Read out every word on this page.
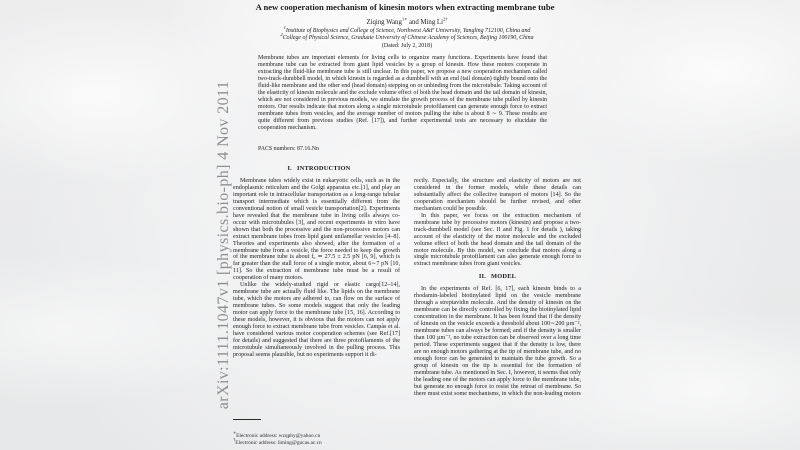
arXiv:1111.1047v1 [physics.bio-ph] 4 Nov 2011
A new cooperation mechanism of kinesin motors when extracting membrane tube
Ziqing Wang$^{1∗}$ and Ming $Li^{2\dagger}$
$^1$Institute of Biophysics and College of Science, Northwest A&F University, Yangling 712100, China and
$^2$College of Physical Science, Graduate University of Chinese Academy of Sciences, Beijing 100190, China
(Dated: July 2, 2018)
Membrane tubes are important elements for living cells to organize many functions. Experiments have found that membrane tube can be extracted from giant lipid vesicles by a group of kinesin. How these motors cooperate in extracting the fluid-like membrane tube is still unclear. In this paper, we propose a new cooperation mechanism called two-track-dumbbell model, in which kinesin is regarded as a dumbbell with an end (tail domain) tightly bound onto the fluid-like membrane and the other end (head domain) stepping on or unbinding from the microtubule. Taking account of the elasticity of kinesin molecule and the exclude volume effect of both the head domain and the tail domain of kinesin, which are not considered in previous models, we simulate the growth process of the membrane tube pulled by kinesin motors. Our results indicate that motors along a single microtubule protofilament can generate enough force to extract membrane tubes from vesicles, and the average number of motors pulling the tube is about 8 ∼ 9. These results are quite different from previous studies (Ref. [17]), and further experimental tests are necessary to elucidate the cooperation mechanism.
PACS numbers: 87.16.Nn
I. INTRODUCTION

Membrane tubes widely exist in eukaryotic cells, such as in the endoplasmic reticulum and the Golgi apparatus etc.[1], and play an important role in intracellular transportation as a long-range tubular transport intermediate which is essentially different from the conventional notion of small vesicle transportation[2]. Experiments have revealed that the membrane tube in living cells always co-occur with microtubules [3], and recent experiments in vitro have shown that both the processive and the non-processive motors can extract membrane tubes from lipid giant unilamellar vesicles [4–8]. Theories and experiments also showed, after the formation of a membrane tube from a vesicle, the force needed to keep the growth of the membrane tube is about f₀ ≃ 27.5 ± 2.5 pN [6, 9], which is far greater than the stall force of a single motor, about 6∼7 pN [10, 11]. So the extraction of membrane tube must be a result of cooperation of many motors.

Unlike the widely-studied rigid or elastic cargo[12–14], membrane tube are actually fluid like. The lipids on the membrane tube, which the motors are adhered to, can flow on the surface of membrane tubes. So some models suggest that only the leading motor can apply force to the membrane tube [15, 16]. According to these models, however, it is obvious that the motors can not apply enough force to extract membrane tube from vesicles. Campàs et al. have considered various motor cooperation schemes (see Ref.[17] for details) and suggested that there are three protofilaments of the microtubule simultaneously involved in the pulling process. This proposal seems plausible, but no experiments support it di-

rectly. Especially, the structure and elasticity of motors are not considered in the former models, while these details can substantially affect the collective transport of motors [14]. So the cooperation mechanism should be further revised, and other mechanism could be possible.

In this paper, we focus on the extraction mechanism of membrane tube by processive motors (kinesin) and propose a two-track-dumbbell model (see Sec. II and Fig. 1 for details ), taking account of the elasticity of the motor molecule and the excluded volume effect of both the head domain and the tail domain of the motor molecule. By this model, we conclude that motors along a single microtubule protofilament can also generate enough force to extract membrane tubes from giant vesicles.

II. MODEL

In the experiments of Ref. [6, 17], each kinesin binds to a rhodamin-labeled biotinylated lipid on the vesicle membrane through a streptavidin molecule. And the density of kinesin on the membrane can be directly controlled by fixing the biotinylated lipid concentration in the membrane. It has been found that if the density of kinesin on the vesicle exceeds a threshold about 100∼200 µm⁻², membrane tubes can always be formed; and if the density is smaller than 100 µm⁻², no tube extraction can be observed over a long time period. These experiments suggest that if the density is low, there are no enough motors gathering at the tip of membrane tube, and no enough force can be generated to maintain the tube growth. So a group of kinesin on the tip is essential for the formation of membrane tube. As mentioned in Sec. I, however, it seems that only the leading one of the motors can apply force to the membrane tube, but generate no enough force to resist the retreat of membrane. So there must exist some mechanisms, in which the non-leading motors

∗Electronic address: wzqphy@yahoo.cn
†Electronic address: liming@gucas.ac.cn
